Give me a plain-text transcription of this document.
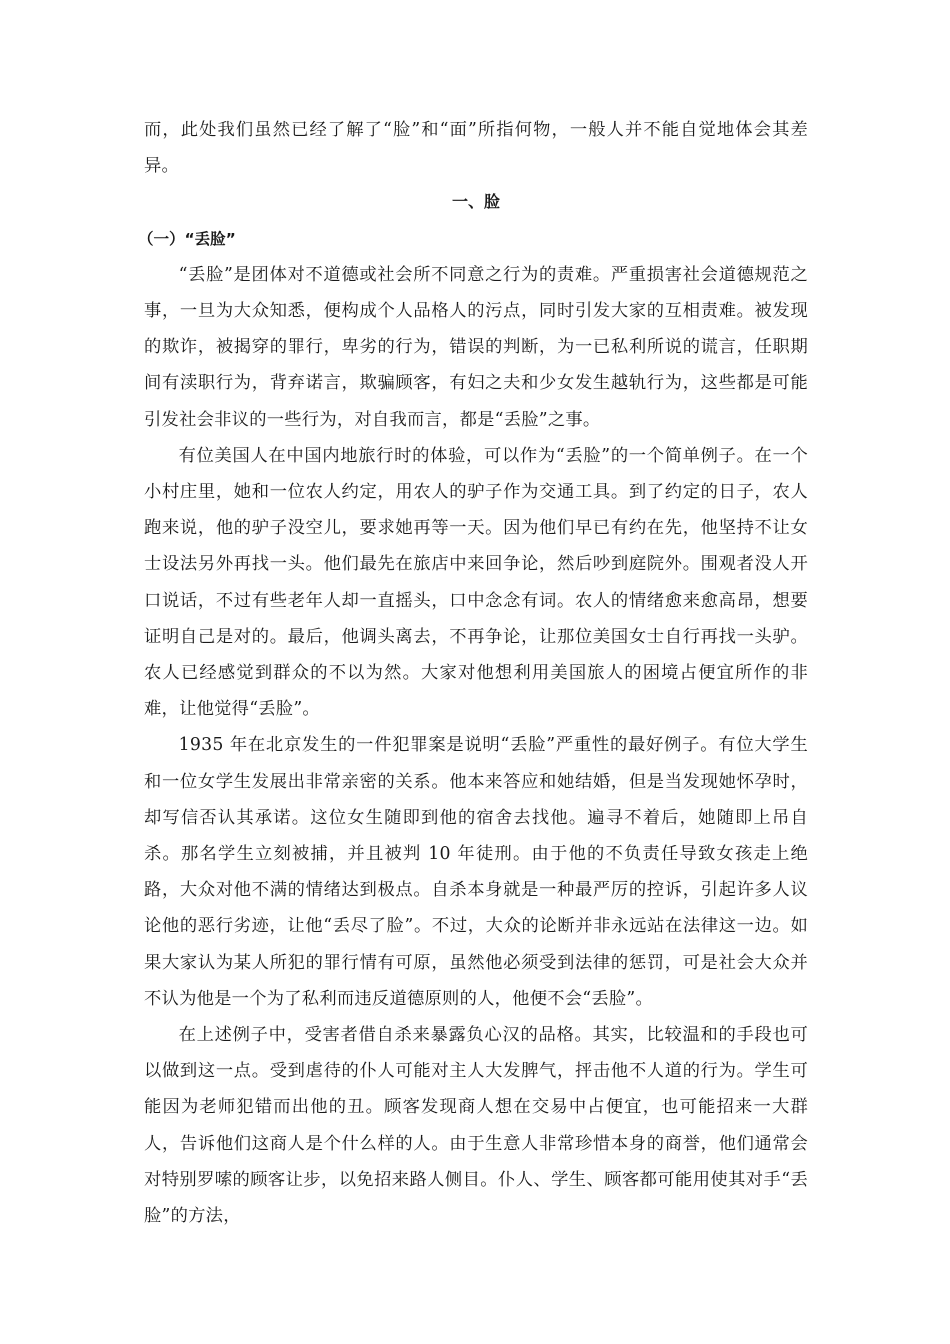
而，此处我们虽然已经了解了“脸”和“面”所指何物，一般人并不能自觉地体会其差异。

一、脸
（一）“丢脸”

“丢脸”是团体对不道德或社会所不同意之行为的责难。严重损害社会道德规范之事，一旦为大众知悉，便构成个人品格人的污点，同时引发大家的互相责难。被发现的欺诈，被揭穿的罪行，卑劣的行为，错误的判断，为一已私利所说的谎言，任职期间有渎职行为，背弃诺言，欺骗顾客，有妇之夫和少女发生越轨行为，这些都是可能引发社会非议的一些行为，对自我而言，都是“丢脸”之事。

有位美国人在中国内地旅行时的体验，可以作为“丢脸”的一个简单例子。在一个小村庄里，她和一位农人约定，用农人的驴子作为交通工具。到了约定的日子，农人跑来说，他的驴子没空儿，要求她再等一天。因为他们早已有约在先，他坚持不让女士设法另外再找一头。他们最先在旅店中来回争论，然后吵到庭院外。围观者没人开口说话，不过有些老年人却一直摇头，口中念念有词。农人的情绪愈来愈高昂，想要证明自己是对的。最后，他调头离去，不再争论，让那位美国女士自行再找一头驴。农人已经感觉到群众的不以为然。大家对他想利用美国旅人的困境占便宜所作的非难，让他觉得“丢脸”。

1935 年在北京发生的一件犯罪案是说明“丢脸”严重性的最好例子。有位大学生和一位女学生发展出非常亲密的关系。他本来答应和她结婚，但是当发现她怀孕时，却写信否认其承诺。这位女生随即到他的宿舍去找他。遍寻不着后，她随即上吊自杀。那名学生立刻被捕，并且被判 10 年徒刑。由于他的不负责任导致女孩走上绝路，大众对他不满的情绪达到极点。自杀本身就是一种最严厉的控诉，引起许多人议论他的恶行劣迹，让他“丢尽了脸”。不过，大众的论断并非永远站在法律这一边。如果大家认为某人所犯的罪行情有可原，虽然他必须受到法律的惩罚，可是社会大众并不认为他是一个为了私利而违反道德原则的人，他便不会“丢脸”。

在上述例子中，受害者借自杀来暴露负心汉的品格。其实，比较温和的手段也可以做到这一点。受到虐待的仆人可能对主人大发脾气，抨击他不人道的行为。学生可能因为老师犯错而出他的丑。顾客发现商人想在交易中占便宜，也可能招来一大群人，告诉他们这商人是个什么样的人。由于生意人非常珍惜本身的商誉，他们通常会对特别罗嗦的顾客让步，以免招来路人侧目。仆人、学生、顾客都可能用使其对手“丢脸”的方法，
